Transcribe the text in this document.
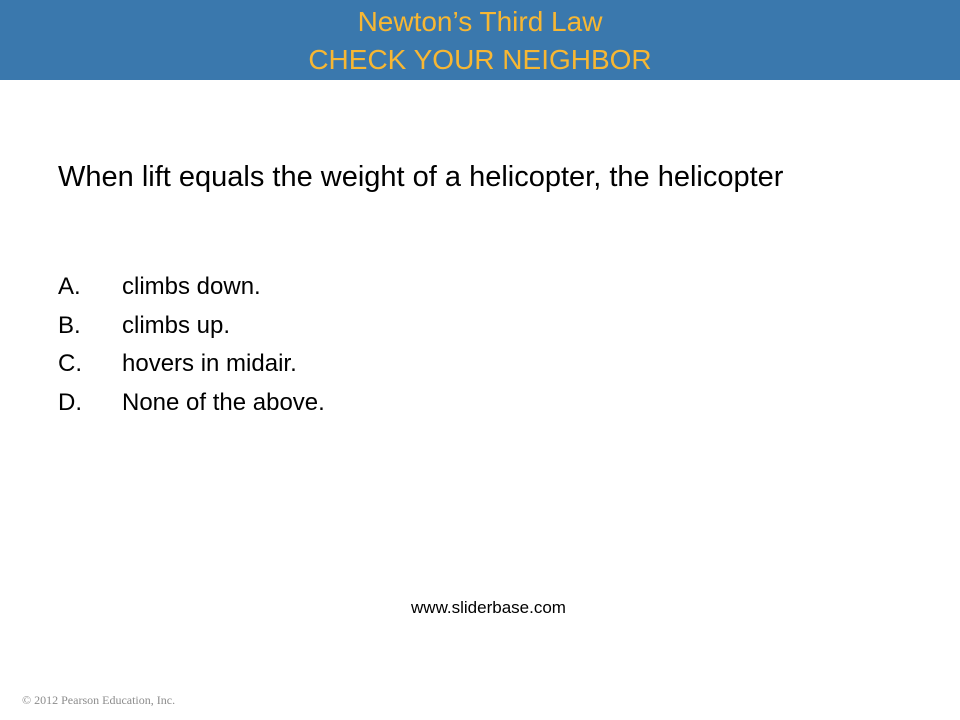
Newton’s Third Law
CHECK YOUR NEIGHBOR
When lift equals the weight of a helicopter, the helicopter
A. climbs down.
B. climbs up.
C. hovers in midair.
D. None of the above.
www.sliderbase.com
© 2012 Pearson Education, Inc.
